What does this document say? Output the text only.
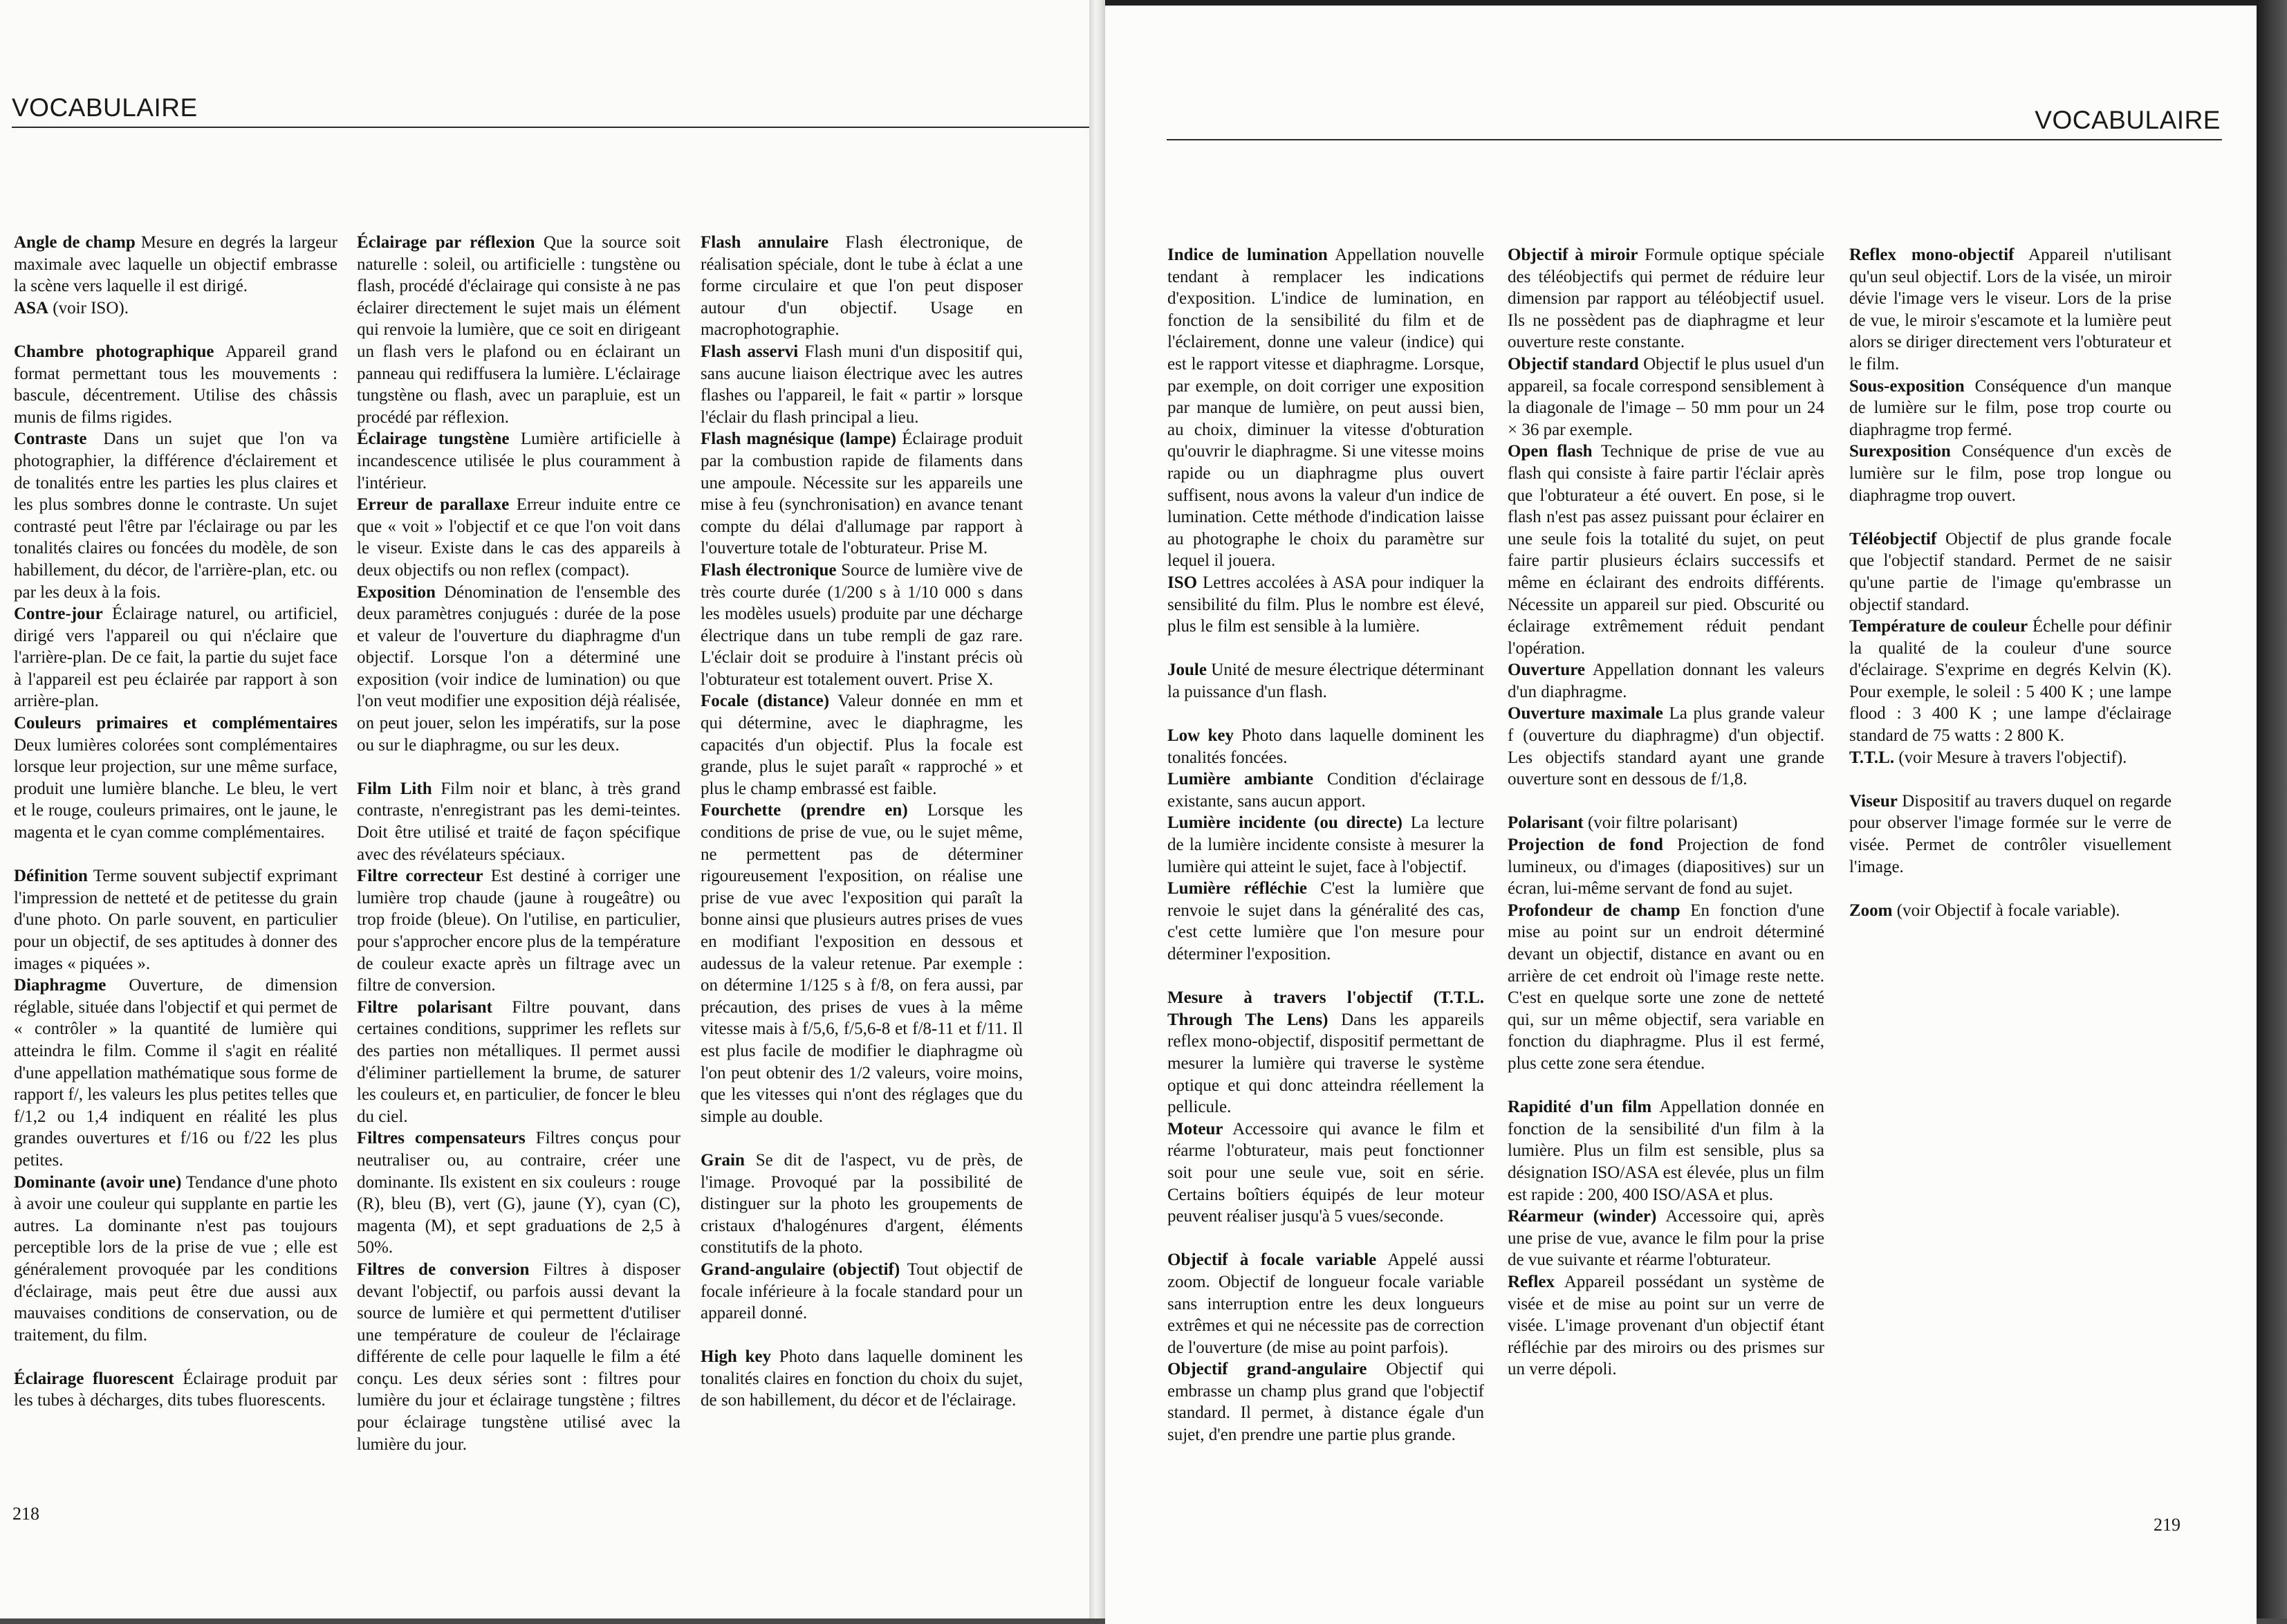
VOCABULAIRE

Angle de champ Mesure en degrés la largeur maximale avec laquelle un objectif embrasse la scène vers laquelle il est dirigé.

ASA (voir ISO).

Chambre photographique Appareil grand format permettant tous les mouvements : bascule, décentrement. Utilise des châssis munis de films rigides.

Contraste Dans un sujet que l'on va photographier, la différence d'éclairement et de tonalités entre les parties les plus claires et les plus sombres donne le contraste. Un sujet contrasté peut l'être par l'éclairage ou par les tonalités claires ou foncées du modèle, de son habillement, du décor, de l'arrière-plan, etc. ou par les deux à la fois.

Contre-jour Éclairage naturel, ou artificiel, dirigé vers l'appareil ou qui n'éclaire que l'arrière-plan. De ce fait, la partie du sujet face à l'appareil est peu éclairée par rapport à son arrière-plan.

Couleurs primaires et complémentaires Deux lumières colorées sont complémentaires lorsque leur projection, sur une même surface, produit une lumière blanche. Le bleu, le vert et le rouge, couleurs primaires, ont le jaune, le magenta et le cyan comme complémentaires.

Définition Terme souvent subjectif exprimant l'impression de netteté et de petitesse du grain d'une photo. On parle souvent, en particulier pour un objectif, de ses aptitudes à donner des images « piquées ».

Diaphragme Ouverture, de dimension réglable, située dans l'objectif et qui permet de « contrôler » la quantité de lumière qui atteindra le film. Comme il s'agit en réalité d'une appellation mathématique sous forme de rapport f/, les valeurs les plus petites telles que f/1,2 ou 1,4 indiquent en réalité les plus grandes ouvertures et f/16 ou f/22 les plus petites.

Dominante (avoir une) Tendance d'une photo à avoir une couleur qui supplante en partie les autres. La dominante n'est pas toujours perceptible lors de la prise de vue ; elle est généralement provoquée par les conditions d'éclairage, mais peut être due aussi aux mauvaises conditions de conservation, ou de traitement, du film.

Éclairage fluorescent Éclairage produit par les tubes à décharges, dits tubes fluorescents.

Éclairage par réflexion Que la source soit naturelle : soleil, ou artificielle : tungstène ou flash, procédé d'éclairage qui consiste à ne pas éclairer directement le sujet mais un élément qui renvoie la lumière, que ce soit en dirigeant un flash vers le plafond ou en éclairant un panneau qui rediffusera la lumière. L'éclairage tungstène ou flash, avec un parapluie, est un procédé par réflexion.

Éclairage tungstène Lumière artificielle à incandescence utilisée le plus couramment à l'intérieur.

Erreur de parallaxe Erreur induite entre ce que « voit » l'objectif et ce que l'on voit dans le viseur. Existe dans le cas des appareils à deux objectifs ou non reflex (compact).

Exposition Dénomination de l'ensemble des deux paramètres conjugués : durée de la pose et valeur de l'ouverture du diaphragme d'un objectif. Lorsque l'on a déterminé une exposition (voir indice de lumination) ou que l'on veut modifier une exposition déjà réalisée, on peut jouer, selon les impératifs, sur la pose ou sur le diaphragme, ou sur les deux.

Film Lith Film noir et blanc, à très grand contraste, n'enregistrant pas les demi-teintes. Doit être utilisé et traité de façon spécifique avec des révélateurs spéciaux.

Filtre correcteur Est destiné à corriger une lumière trop chaude (jaune à rougeâtre) ou trop froide (bleue). On l'utilise, en particulier, pour s'approcher encore plus de la température de couleur exacte après un filtrage avec un filtre de conversion.

Filtre polarisant Filtre pouvant, dans certaines conditions, supprimer les reflets sur des parties non métalliques. Il permet aussi d'éliminer partiellement la brume, de saturer les couleurs et, en particulier, de foncer le bleu du ciel.

Filtres compensateurs Filtres conçus pour neutraliser ou, au contraire, créer une dominante. Ils existent en six couleurs : rouge (R), bleu (B), vert (G), jaune (Y), cyan (C), magenta (M), et sept graduations de 2,5 à 50%.

Filtres de conversion Filtres à disposer devant l'objectif, ou parfois aussi devant la source de lumière et qui permettent d'utiliser une température de couleur de l'éclairage différente de celle pour laquelle le film a été conçu. Les deux séries sont : filtres pour lumière du jour et éclairage tungstène ; filtres pour éclairage tungstène utilisé avec la lumière du jour.

Flash annulaire Flash électronique, de réalisation spéciale, dont le tube à éclat a une forme circulaire et que l'on peut disposer autour d'un objectif. Usage en macrophotographie.

Flash asservi Flash muni d'un dispositif qui, sans aucune liaison électrique avec les autres flashes ou l'appareil, le fait « partir » lorsque l'éclair du flash principal a lieu.

Flash magnésique (lampe) Éclairage produit par la combustion rapide de filaments dans une ampoule. Nécessite sur les appareils une mise à feu (synchronisation) en avance tenant compte du délai d'allumage par rapport à l'ouverture totale de l'obturateur. Prise M.

Flash électronique Source de lumière vive de très courte durée (1/200 s à 1/10 000 s dans les modèles usuels) produite par une décharge électrique dans un tube rempli de gaz rare. L'éclair doit se produire à l'instant précis où l'obturateur est totalement ouvert. Prise X.

Focale (distance) Valeur donnée en mm et qui détermine, avec le diaphragme, les capacités d'un objectif. Plus la focale est grande, plus le sujet paraît « rapproché » et plus le champ embrassé est faible.

Fourchette (prendre en) Lorsque les conditions de prise de vue, ou le sujet même, ne permettent pas de déterminer rigoureusement l'exposition, on réalise une prise de vue avec l'exposition qui paraît la bonne ainsi que plusieurs autres prises de vues en modifiant l'exposition en dessous et audessus de la valeur retenue. Par exemple : on détermine 1/125 s à f/8, on fera aussi, par précaution, des prises de vues à la même vitesse mais à f/5,6, f/5,6-8 et f/8-11 et f/11. Il est plus facile de modifier le diaphragme où l'on peut obtenir des 1/2 valeurs, voire moins, que les vitesses qui n'ont des réglages que du simple au double.

Grain Se dit de l'aspect, vu de près, de l'image. Provoqué par la possibilité de distinguer sur la photo les groupements de cristaux d'halogénures d'argent, éléments constitutifs de la photo.

Grand-angulaire (objectif) Tout objectif de focale inférieure à la focale standard pour un appareil donné.

High key Photo dans laquelle dominent les tonalités claires en fonction du choix du sujet, de son habillement, du décor et de l'éclairage.

218
VOCABULAIRE

Indice de lumination Appellation nouvelle tendant à remplacer les indications d'exposition. L'indice de lumination, en fonction de la sensibilité du film et de l'éclairement, donne une valeur (indice) qui est le rapport vitesse et diaphragme. Lorsque, par exemple, on doit corriger une exposition par manque de lumière, on peut aussi bien, au choix, diminuer la vitesse d'obturation qu'ouvrir le diaphragme. Si une vitesse moins rapide ou un diaphragme plus ouvert suffisent, nous avons la valeur d'un indice de lumination. Cette méthode d'indication laisse au photographe le choix du paramètre sur lequel il jouera.

ISO Lettres accolées à ASA pour indiquer la sensibilité du film. Plus le nombre est élevé, plus le film est sensible à la lumière.

Joule Unité de mesure électrique déterminant la puissance d'un flash.

Low key Photo dans laquelle dominent les tonalités foncées.

Lumière ambiante Condition d'éclairage existante, sans aucun apport.

Lumière incidente (ou directe) La lecture de la lumière incidente consiste à mesurer la lumière qui atteint le sujet, face à l'objectif.

Lumière réfléchie C'est la lumière que renvoie le sujet dans la généralité des cas, c'est cette lumière que l'on mesure pour déterminer l'exposition.

Mesure à travers l'objectif (T.T.L. Through The Lens) Dans les appareils reflex mono-objectif, dispositif permettant de mesurer la lumière qui traverse le système optique et qui donc atteindra réellement la pellicule.

Moteur Accessoire qui avance le film et réarme l'obturateur, mais peut fonctionner soit pour une seule vue, soit en série. Certains boîtiers équipés de leur moteur peuvent réaliser jusqu'à 5 vues/seconde.

Objectif à focale variable Appelé aussi zoom. Objectif de longueur focale variable sans interruption entre les deux longueurs extrêmes et qui ne nécessite pas de correction de l'ouverture (de mise au point parfois).

Objectif grand-angulaire Objectif qui embrasse un champ plus grand que l'objectif standard. Il permet, à distance égale d'un sujet, d'en prendre une partie plus grande.

Objectif à miroir Formule optique spéciale des téléobjectifs qui permet de réduire leur dimension par rapport au téléobjectif usuel. Ils ne possèdent pas de diaphragme et leur ouverture reste constante.

Objectif standard Objectif le plus usuel d'un appareil, sa focale correspond sensiblement à la diagonale de l'image – 50 mm pour un 24 × 36 par exemple.

Open flash Technique de prise de vue au flash qui consiste à faire partir l'éclair après que l'obturateur a été ouvert. En pose, si le flash n'est pas assez puissant pour éclairer en une seule fois la totalité du sujet, on peut faire partir plusieurs éclairs successifs et même en éclairant des endroits différents. Nécessite un appareil sur pied. Obscurité ou éclairage extrêmement réduit pendant l'opération.

Ouverture Appellation donnant les valeurs d'un diaphragme.

Ouverture maximale La plus grande valeur f (ouverture du diaphragme) d'un objectif. Les objectifs standard ayant une grande ouverture sont en dessous de f/1,8.

Polarisant (voir filtre polarisant)

Projection de fond Projection de fond lumineux, ou d'images (diapositives) sur un écran, lui-même servant de fond au sujet.

Profondeur de champ En fonction d'une mise au point sur un endroit déterminé devant un objectif, distance en avant ou en arrière de cet endroit où l'image reste nette. C'est en quelque sorte une zone de netteté qui, sur un même objectif, sera variable en fonction du diaphragme. Plus il est fermé, plus cette zone sera étendue.

Rapidité d'un film Appellation donnée en fonction de la sensibilité d'un film à la lumière. Plus un film est sensible, plus sa désignation ISO/ASA est élevée, plus un film est rapide : 200, 400 ISO/ASA et plus.

Réarmeur (winder) Accessoire qui, après une prise de vue, avance le film pour la prise de vue suivante et réarme l'obturateur.

Reflex Appareil possédant un système de visée et de mise au point sur un verre de visée. L'image provenant d'un objectif étant réfléchie par des miroirs ou des prismes sur un verre dépoli.

Reflex mono-objectif Appareil n'utilisant qu'un seul objectif. Lors de la visée, un miroir dévie l'image vers le viseur. Lors de la prise de vue, le miroir s'escamote et la lumière peut alors se diriger directement vers l'obturateur et le film.

Sous-exposition Conséquence d'un manque de lumière sur le film, pose trop courte ou diaphragme trop fermé.

Surexposition Conséquence d'un excès de lumière sur le film, pose trop longue ou diaphragme trop ouvert.

Téléobjectif Objectif de plus grande focale que l'objectif standard. Permet de ne saisir qu'une partie de l'image qu'embrasse un objectif standard.

Température de couleur Échelle pour définir la qualité de la couleur d'une source d'éclairage. S'exprime en degrés Kelvin (K). Pour exemple, le soleil : 5 400 K ; une lampe flood : 3 400 K ; une lampe d'éclairage standard de 75 watts : 2 800 K.

T.T.L. (voir Mesure à travers l'objectif).

Viseur Dispositif au travers duquel on regarde pour observer l'image formée sur le verre de visée. Permet de contrôler visuellement l'image.

Zoom (voir Objectif à focale variable).

219
